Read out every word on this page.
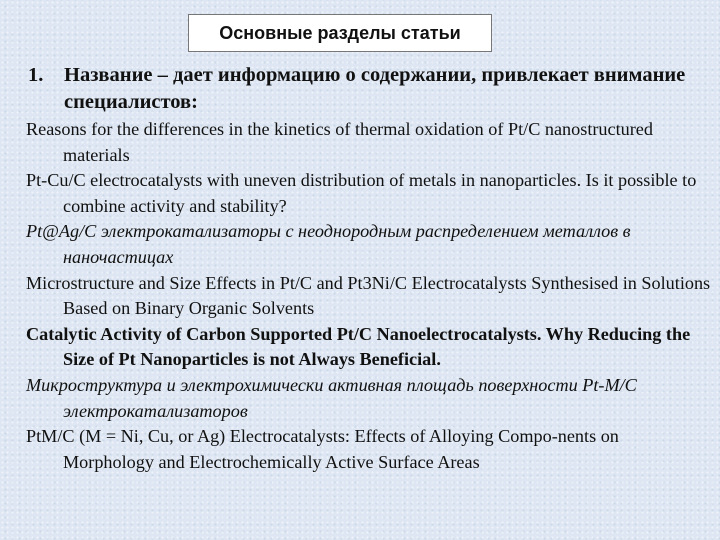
Основные разделы статьи
1.	Название – дает информацию о содержании, привлекает внимание специалистов:

Reasons for the differences in the kinetics of thermal oxidation of Pt/C nanostructured materials

Pt-Cu/C electrocatalysts with uneven distribution of metals in nanoparticles. Is it possible to combine activity and stability?

Pt@Ag/C электрокатализаторы с неоднородным распределением металлов в наночастицах

Microstructure and Size Effects in Pt/C and Pt3Ni/C Electrocatalysts Synthesised in Solutions Based on Binary Organic Solvents

Catalytic Activity of Carbon Supported Pt/C Nanoelectrocatalysts. Why Reducing the Size of Pt Nanoparticles is not Always Beneficial.

Микроструктура и электрохимически активная площадь поверхности Pt-M/C электрокатализаторов

PtM/C (M = Ni, Cu, or Ag) Electrocatalysts: Effects of Alloying Compo-nents on Morphology and Electrochemically Active Surface Areas
